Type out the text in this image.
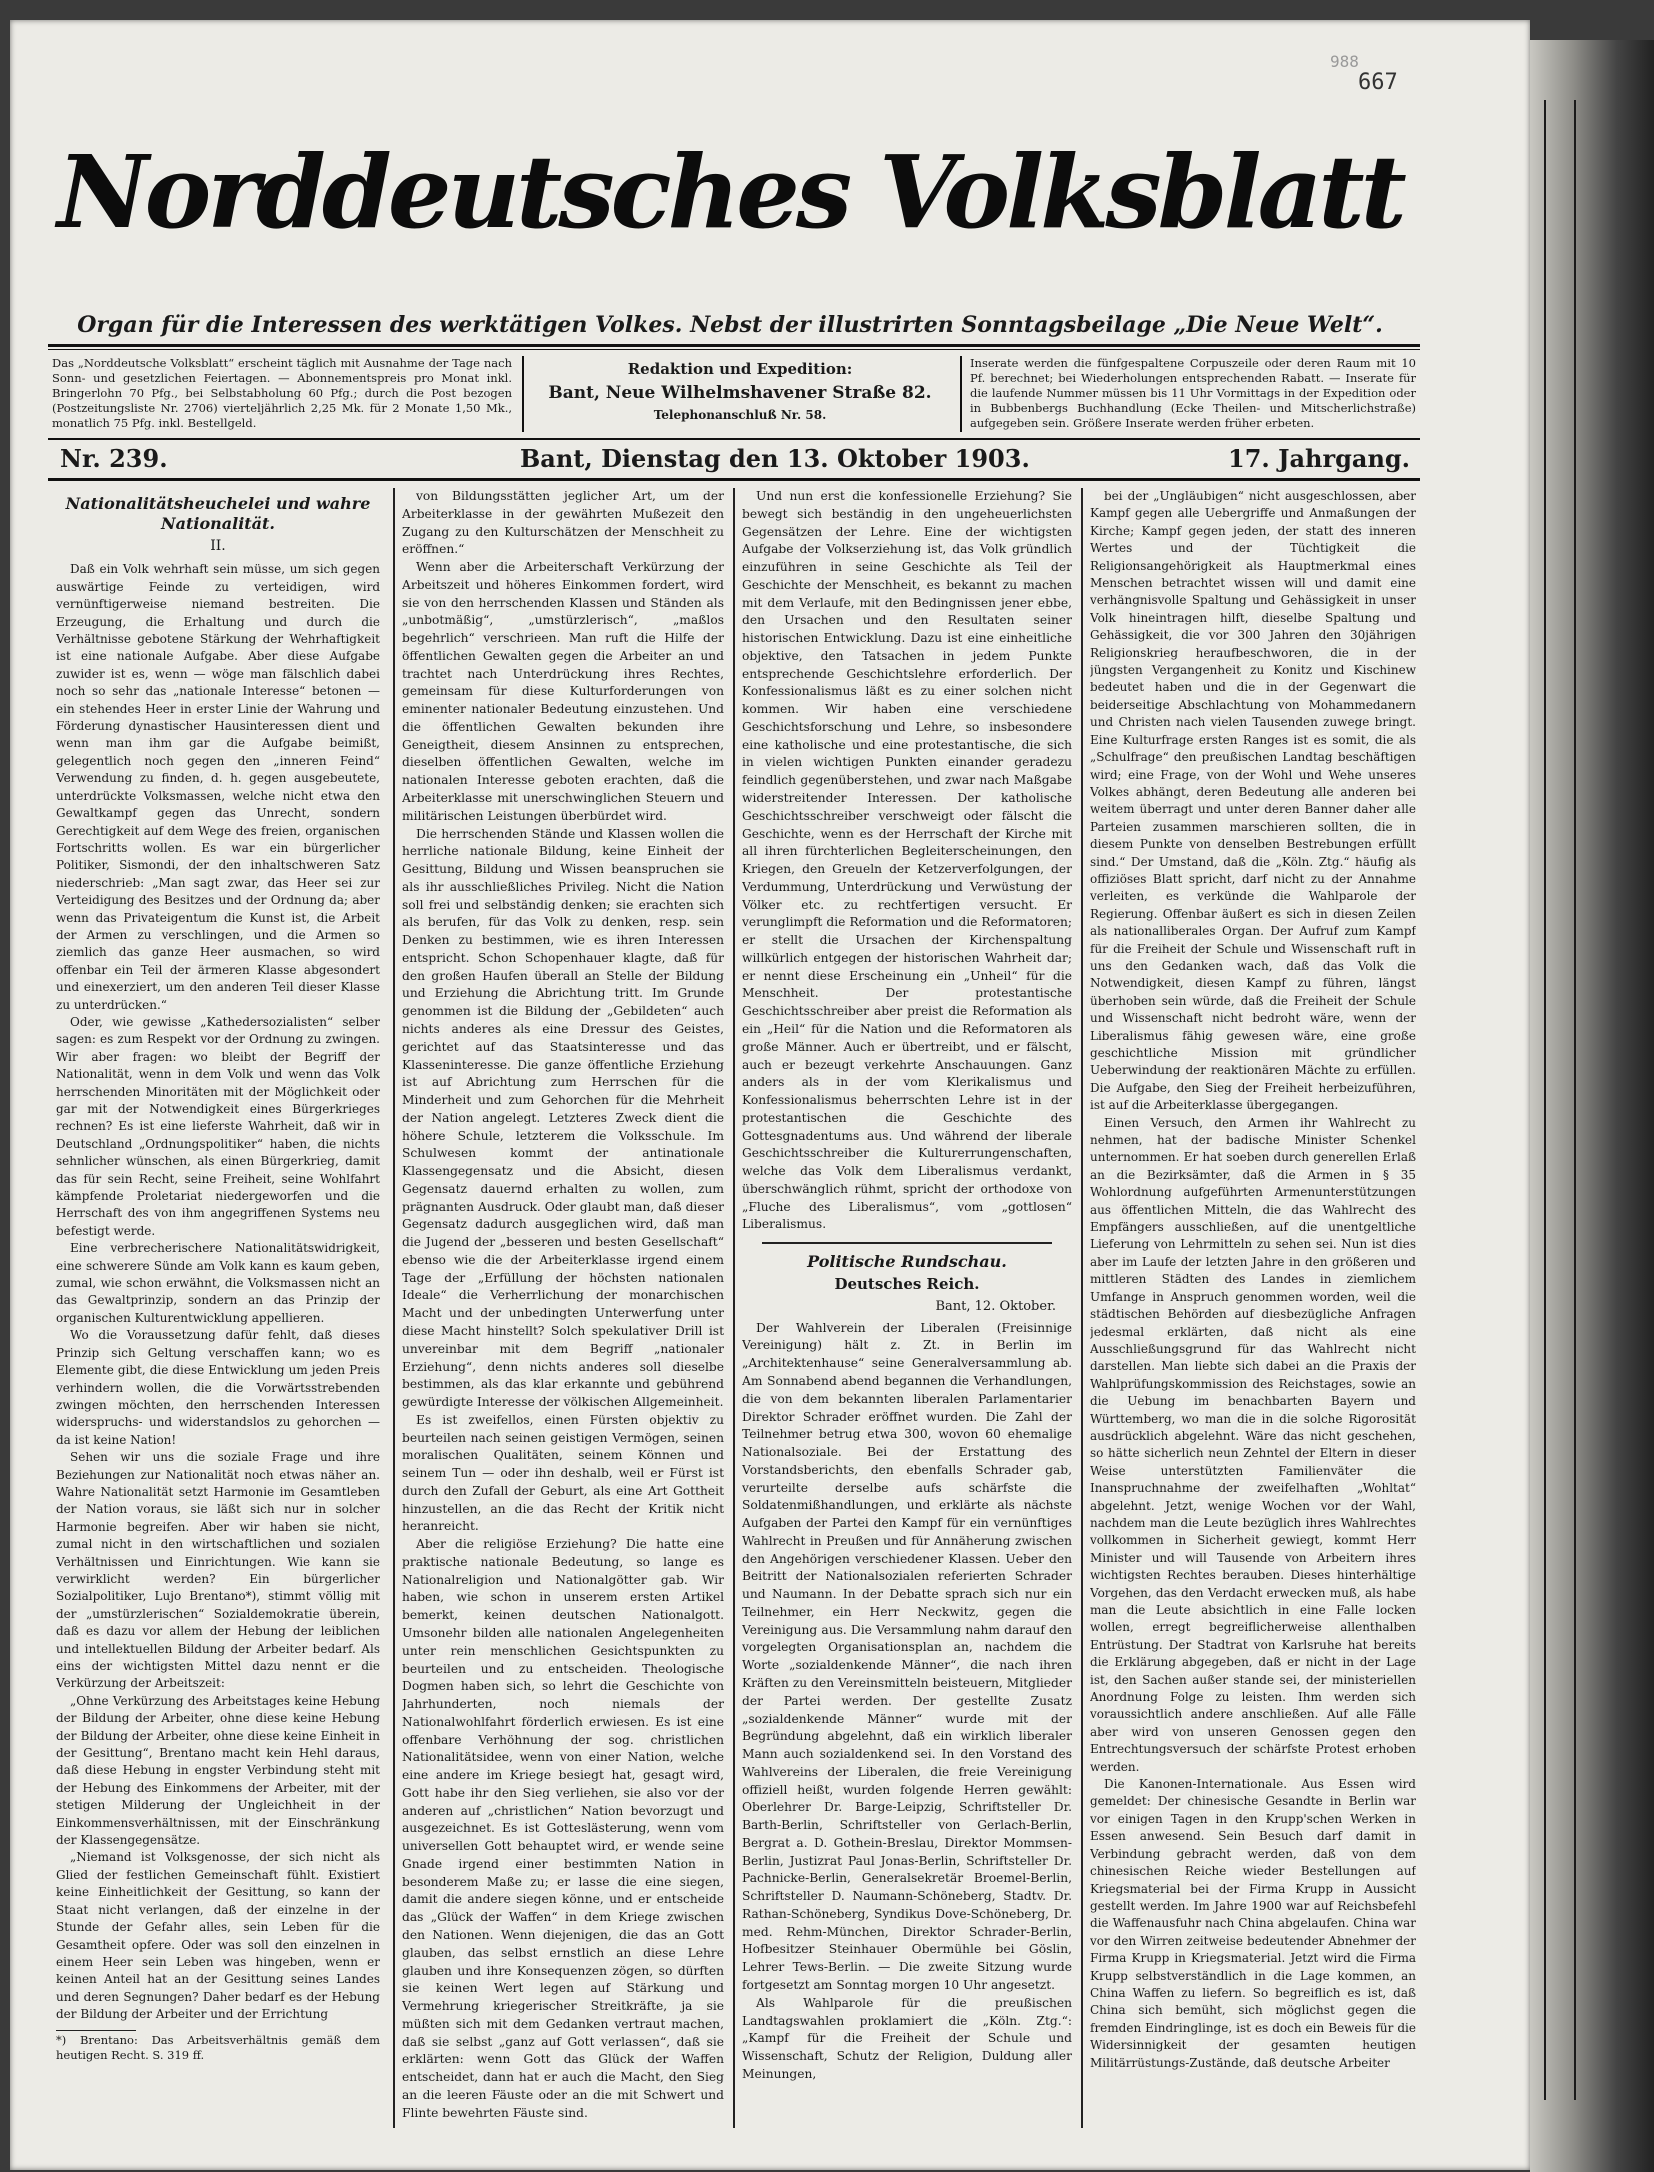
988
667
Norddeutsches Volksblatt
Organ für die Interessen des werktätigen Volkes. Nebst der illustrirten Sonntagsbeilage „Die Neue Welt“.
Das „Norddeutsche Volksblatt“ erscheint täglich mit Ausnahme der Tage nach Sonn- und gesetzlichen Feiertagen. — Abonnementspreis pro Monat inkl. Bringerlohn 70 Pfg., bei Selbstabholung 60 Pfg.; durch die Post bezogen (Postzeitungsliste Nr. 2706) vierteljährlich 2,25 Mk. für 2 Monate 1,50 Mk., monatlich 75 Pfg. inkl. Bestellgeld.
Redaktion und Expedition:
Bant, Neue Wilhelmshavener Straße 82.
Telephonanschluß Nr. 58.
Inserate werden die fünfgespaltene Corpuszeile oder deren Raum mit 10 Pf. berechnet; bei Wiederholungen entsprechenden Rabatt. — Inserate für die laufende Nummer müssen bis 11 Uhr Vormittags in der Expedition oder in Bubbenbergs Buchhandlung (Ecke Theilen- und Mitscherlichstraße) aufgegeben sein. Größere Inserate werden früher erbeten.
Nr. 239.	Bant, Dienstag den 13. Oktober 1903.	17. Jahrgang.
Nationalitätsheuchelei und wahre Nationalität.
II.

Daß ein Volk wehrhaft sein müsse, um sich gegen auswärtige Feinde zu verteidigen, wird vernünftigerweise niemand bestreiten. Die Erzeugung, die Erhaltung und durch die Verhältnisse gebotene Stärkung der Wehrhaftigkeit ist eine nationale Aufgabe. Aber diese Aufgabe zuwider ist es, wenn — wöge man fälschlich dabei noch so sehr das „nationale Interesse“ betonen — ein stehendes Heer in erster Linie der Wahrung und Förderung dynastischer Hausinteressen dient und wenn man ihm gar die Aufgabe beimißt, gelegentlich noch gegen den „inneren Feind“ Verwendung zu finden, d. h. gegen ausgebeutete, unterdrückte Volksmassen, welche nicht etwa den Gewaltkampf gegen das Unrecht, sondern Gerechtigkeit auf dem Wege des freien, organischen Fortschritts wollen. Es war ein bürgerlicher Politiker, Sismondi, der den inhaltschweren Satz niederschrieb: „Man sagt zwar, das Heer sei zur Verteidigung des Besitzes und der Ordnung da; aber wenn das Privateigentum die Kunst ist, die Arbeit der Armen zu verschlingen, und die Armen so ziemlich das ganze Heer ausmachen, so wird offenbar ein Teil der ärmeren Klasse abgesondert und einexerziert, um den anderen Teil dieser Klasse zu unterdrücken.“

Oder, wie gewisse „Kathedersozialisten“ selber sagen: es zum Respekt vor der Ordnung zu zwingen. Wir aber fragen: wo bleibt der Begriff der Nationalität, wenn in dem Volk und wenn das Volk herrschenden Minoritäten mit der Möglichkeit oder gar mit der Notwendigkeit eines Bürgerkrieges rechnen? Es ist eine lieferste Wahrheit, daß wir in Deutschland „Ordnungspolitiker“ haben, die nichts sehnlicher wünschen, als einen Bürgerkrieg, damit das für sein Recht, seine Freiheit, seine Wohlfahrt kämpfende Proletariat niedergeworfen und die Herrschaft des von ihm angegriffenen Systems neu befestigt werde.

Eine verbrecherischere Nationalitätswidrigkeit, eine schwerere Sünde am Volk kann es kaum geben, zumal, wie schon erwähnt, die Volksmassen nicht an das Gewaltprinzip, sondern an das Prinzip der organischen Kulturentwicklung appellieren.

Wo die Voraussetzung dafür fehlt, daß dieses Prinzip sich Geltung verschaffen kann; wo es Elemente gibt, die diese Entwicklung um jeden Preis verhindern wollen, die die Vorwärtsstrebenden zwingen möchten, den herrschenden Interessen widerspruchs- und widerstandslos zu gehorchen — da ist keine Nation!

Sehen wir uns die soziale Frage und ihre Beziehungen zur Nationalität noch etwas näher an. Wahre Nationalität setzt Harmonie im Gesamtleben der Nation voraus, sie läßt sich nur in solcher Harmonie begreifen. Aber wir haben sie nicht, zumal nicht in den wirtschaftlichen und sozialen Verhältnissen und Einrichtungen. Wie kann sie verwirklicht werden? Ein bürgerlicher Sozialpolitiker, Lujo Brentano*), stimmt völlig mit der „umstürzlerischen“ Sozialdemokratie überein, daß es dazu vor allem der Hebung der leiblichen und intellektuellen Bildung der Arbeiter bedarf. Als eins der wichtigsten Mittel dazu nennt er die Verkürzung der Arbeitszeit:

„Ohne Verkürzung des Arbeitstages keine Hebung der Bildung der Arbeiter, ohne diese keine Hebung der Bildung der Arbeiter, ohne diese keine Einheit in der Gesittung“, Brentano macht kein Hehl daraus, daß diese Hebung in engster Verbindung steht mit der Hebung des Einkommens der Arbeiter, mit der stetigen Milderung der Ungleichheit in der Einkommensverhältnissen, mit der Einschränkung der Klassengegensätze.

„Niemand ist Volksgenosse, der sich nicht als Glied der festlichen Gemeinschaft fühlt. Existiert keine Einheitlichkeit der Gesittung, so kann der Staat nicht verlangen, daß der einzelne in der Stunde der Gefahr alles, sein Leben für die Gesamtheit opfere. Oder was soll den einzelnen in einem Heer sein Leben was hingeben, wenn er keinen Anteil hat an der Gesittung seines Landes und deren Segnungen? Daher bedarf es der Hebung der Bildung der Arbeiter und der Errichtung

*) Brentano: Das Arbeitsverhältnis gemäß dem heutigen Recht. S. 319 ff.

von Bildungsstätten jeglicher Art, um der Arbeiterklasse in der gewährten Mußezeit den Zugang zu den Kulturschätzen der Menschheit zu eröffnen.“

Wenn aber die Arbeiterschaft Verkürzung der Arbeitszeit und höheres Einkommen fordert, wird sie von den herrschenden Klassen und Ständen als „unbotmäßig“, „umstürzlerisch“, „maßlos begehrlich“ verschrieen. Man ruft die Hilfe der öffentlichen Gewalten gegen die Arbeiter an und trachtet nach Unterdrückung ihres Rechtes, gemeinsam für diese Kulturforderungen von eminenter nationaler Bedeutung einzustehen. Und die öffentlichen Gewalten bekunden ihre Geneigtheit, diesem Ansinnen zu entsprechen, dieselben öffentlichen Gewalten, welche im nationalen Interesse geboten erachten, daß die Arbeiterklasse mit unerschwinglichen Steuern und militärischen Leistungen überbürdet wird.

Die herrschenden Stände und Klassen wollen die herrliche nationale Bildung, keine Einheit der Gesittung, Bildung und Wissen beanspruchen sie als ihr ausschließliches Privileg. Nicht die Nation soll frei und selbständig denken; sie erachten sich als berufen, für das Volk zu denken, resp. sein Denken zu bestimmen, wie es ihren Interessen entspricht. Schon Schopenhauer klagte, daß für den großen Haufen überall an Stelle der Bildung und Erziehung die Abrichtung tritt. Im Grunde genommen ist die Bildung der „Gebildeten“ auch nichts anderes als eine Dressur des Geistes, gerichtet auf das Staatsinteresse und das Klasseninteresse. Die ganze öffentliche Erziehung ist auf Abrichtung zum Herrschen für die Minderheit und zum Gehorchen für die Mehrheit der Nation angelegt. Letzteres Zweck dient die höhere Schule, letzterem die Volksschule. Im Schulwesen kommt der antinationale Klassengegensatz und die Absicht, diesen Gegensatz dauernd erhalten zu wollen, zum prägnanten Ausdruck. Oder glaubt man, daß dieser Gegensatz dadurch ausgeglichen wird, daß man die Jugend der „besseren und besten Gesellschaft“ ebenso wie die der Arbeiterklasse irgend einem Tage der „Erfüllung der höchsten nationalen Ideale“ die Verherrlichung der monarchischen Macht und der unbedingten Unterwerfung unter diese Macht hinstellt? Solch spekulativer Drill ist unvereinbar mit dem Begriff „nationaler Erziehung“, denn nichts anderes soll dieselbe bestimmen, als das klar erkannte und gebührend gewürdigte Interesse der völkischen Allgemeinheit.

Es ist zweifellos, einen Fürsten objektiv zu beurteilen nach seinen geistigen Vermögen, seinen moralischen Qualitäten, seinem Können und seinem Tun — oder ihn deshalb, weil er Fürst ist durch den Zufall der Geburt, als eine Art Gottheit hinzustellen, an die das Recht der Kritik nicht heranreicht.

Aber die religiöse Erziehung? Die hatte eine praktische nationale Bedeutung, so lange es Nationalreligion und Nationalgötter gab. Wir haben, wie schon in unserem ersten Artikel bemerkt, keinen deutschen Nationalgott. Umsonehr bilden alle nationalen Angelegenheiten unter rein menschlichen Gesichtspunkten zu beurteilen und zu entscheiden. Theologische Dogmen haben sich, so lehrt die Geschichte von Jahrhunderten, noch niemals der Nationalwohlfahrt förderlich erwiesen. Es ist eine offenbare Verhöhnung der sog. christlichen Nationalitätsidee, wenn von einer Nation, welche eine andere im Kriege besiegt hat, gesagt wird, Gott habe ihr den Sieg verliehen, sie also vor der anderen auf „christlichen“ Nation bevorzugt und ausgezeichnet. Es ist Gotteslästerung, wenn vom universellen Gott behauptet wird, er wende seine Gnade irgend einer bestimmten Nation in besonderem Maße zu; er lasse die eine siegen, damit die andere siegen könne, und er entscheide das „Glück der Waffen“ in dem Kriege zwischen den Nationen. Wenn diejenigen, die das an Gott glauben, das selbst ernstlich an diese Lehre glauben und ihre Konsequenzen zögen, so dürften sie keinen Wert legen auf Stärkung und Vermehrung kriegerischer Streitkräfte, ja sie müßten sich mit dem Gedanken vertraut machen, daß sie selbst „ganz auf Gott verlassen“, daß sie erklärten: wenn Gott das Glück der Waffen entscheidet, dann hat er auch die Macht, den Sieg an die leeren Fäuste oder an die mit Schwert und Flinte bewehrten Fäuste sind.

Und nun erst die konfessionelle Erziehung? Sie bewegt sich beständig in den ungeheuerlichsten Gegensätzen der Lehre. Eine der wichtigsten Aufgabe der Volkserziehung ist, das Volk gründlich einzuführen in seine Geschichte als Teil der Geschichte der Menschheit, es bekannt zu machen mit dem Verlaufe, mit den Bedingnissen jener ebbe, den Ursachen und den Resultaten seiner historischen Entwicklung. Dazu ist eine einheitliche objektive, den Tatsachen in jedem Punkte entsprechende Geschichtslehre erforderlich. Der Konfessionalismus läßt es zu einer solchen nicht kommen. Wir haben eine verschiedene Geschichtsforschung und Lehre, so insbesondere eine katholische und eine protestantische, die sich in vielen wichtigen Punkten einander geradezu feindlich gegenüberstehen, und zwar nach Maßgabe widerstreitender Interessen. Der katholische Geschichtsschreiber verschweigt oder fälscht die Geschichte, wenn es der Herrschaft der Kirche mit all ihren fürchterlichen Begleiterscheinungen, den Kriegen, den Greueln der Ketzerverfolgungen, der Verdummung, Unterdrückung und Verwüstung der Völker etc. zu rechtfertigen versucht. Er verunglimpft die Reformation und die Reformatoren; er stellt die Ursachen der Kirchenspaltung willkürlich entgegen der historischen Wahrheit dar; er nennt diese Erscheinung ein „Unheil“ für die Menschheit. Der protestantische Geschichtsschreiber aber preist die Reformation als ein „Heil“ für die Nation und die Reformatoren als große Männer. Auch er übertreibt, und er fälscht, auch er bezeugt verkehrte Anschauungen. Ganz anders als in der vom Klerikalismus und Konfessionalismus beherrschten Lehre ist in der protestantischen die Geschichte des Gottesgnadentums aus. Und während der liberale Geschichtsschreiber die Kulturerrungenschaften, welche das Volk dem Liberalismus verdankt, überschwänglich rühmt, spricht der orthodoxe von „Fluche des Liberalismus“, vom „gottlosen“ Liberalismus.

Politische Rundschau.
Deutsches Reich.
Bant, 12. Oktober.

Der Wahlverein der Liberalen (Freisinnige Vereinigung) hält z. Zt. in Berlin im „Architektenhause“ seine Generalversammlung ab. Am Sonnabend abend begannen die Verhandlungen, die von dem bekannten liberalen Parlamentarier Direktor Schrader eröffnet wurden. Die Zahl der Teilnehmer betrug etwa 300, wovon 60 ehemalige Nationalsoziale. Bei der Erstattung des Vorstandsberichts, den ebenfalls Schrader gab, verurteilte derselbe aufs schärfste die Soldatenmißhandlungen, und erklärte als nächste Aufgaben der Partei den Kampf für ein vernünftiges Wahlrecht in Preußen und für Annäherung zwischen den Angehörigen verschiedener Klassen. Ueber den Beitritt der Nationalsozialen referierten Schrader und Naumann. In der Debatte sprach sich nur ein Teilnehmer, ein Herr Neckwitz, gegen die Vereinigung aus. Die Versammlung nahm darauf den vorgelegten Organisationsplan an, nachdem die Worte „sozialdenkende Männer“, die nach ihren Kräften zu den Vereinsmitteln beisteuern, Mitglieder der Partei werden. Der gestellte Zusatz „sozialdenkende Männer“ wurde mit der Begründung abgelehnt, daß ein wirklich liberaler Mann auch sozialdenkend sei. In den Vorstand des Wahlvereins der Liberalen, die freie Vereinigung offiziell heißt, wurden folgende Herren gewählt: Oberlehrer Dr. Barge-Leipzig, Schriftsteller Dr. Barth-Berlin, Schriftsteller von Gerlach-Berlin, Bergrat a. D. Gothein-Breslau, Direktor Mommsen-Berlin, Justizrat Paul Jonas-Berlin, Schriftsteller Dr. Pachnicke-Berlin, Generalsekretär Broemel-Berlin, Schriftsteller D. Naumann-Schöneberg, Stadtv. Dr. Rathan-Schöneberg, Syndikus Dove-Schöneberg, Dr. med. Rehm-München, Direktor Schrader-Berlin, Hofbesitzer Steinhauer Obermühle bei Göslin, Lehrer Tews-Berlin. — Die zweite Sitzung wurde fortgesetzt am Sonntag morgen 10 Uhr angesetzt.

Als Wahlparole für die preußischen Landtagswahlen proklamiert die „Köln. Ztg.“: „Kampf für die Freiheit der Schule und Wissenschaft, Schutz der Religion, Duldung aller Meinungen,

bei der „Ungläubigen“ nicht ausgeschlossen, aber Kampf gegen alle Uebergriffe und Anmaßungen der Kirche; Kampf gegen jeden, der statt des inneren Wertes und der Tüchtigkeit die Religionsangehörigkeit als Hauptmerkmal eines Menschen betrachtet wissen will und damit eine verhängnisvolle Spaltung und Gehässigkeit in unser Volk hineintragen hilft, dieselbe Spaltung und Gehässigkeit, die vor 300 Jahren den 30jährigen Religionskrieg heraufbeschworen, die in der jüngsten Vergangenheit zu Konitz und Kischinew bedeutet haben und die in der Gegenwart die beiderseitige Abschlachtung von Mohammedanern und Christen nach vielen Tausenden zuwege bringt. Eine Kulturfrage ersten Ranges ist es somit, die als „Schulfrage“ den preußischen Landtag beschäftigen wird; eine Frage, von der Wohl und Wehe unseres Volkes abhängt, deren Bedeutung alle anderen bei weitem überragt und unter deren Banner daher alle Parteien zusammen marschieren sollten, die in diesem Punkte von denselben Bestrebungen erfüllt sind.“ Der Umstand, daß die „Köln. Ztg.“ häufig als offiziöses Blatt spricht, darf nicht zu der Annahme verleiten, es verkünde die Wahlparole der Regierung. Offenbar äußert es sich in diesen Zeilen als nationalliberales Organ. Der Aufruf zum Kampf für die Freiheit der Schule und Wissenschaft ruft in uns den Gedanken wach, daß das Volk die Notwendigkeit, diesen Kampf zu führen, längst überhoben sein würde, daß die Freiheit der Schule und Wissenschaft nicht bedroht wäre, wenn der Liberalismus fähig gewesen wäre, eine große geschichtliche Mission mit gründlicher Ueberwindung der reaktionären Mächte zu erfüllen. Die Aufgabe, den Sieg der Freiheit herbeizuführen, ist auf die Arbeiterklasse übergegangen.

Einen Versuch, den Armen ihr Wahlrecht zu nehmen, hat der badische Minister Schenkel unternommen. Er hat soeben durch generellen Erlaß an die Bezirksämter, daß die Armen in § 35 Wohlordnung aufgeführten Armenunterstützungen aus öffentlichen Mitteln, die das Wahlrecht des Empfängers ausschließen, auf die unentgeltliche Lieferung von Lehrmitteln zu sehen sei. Nun ist dies aber im Laufe der letzten Jahre in den größeren und mittleren Städten des Landes in ziemlichem Umfange in Anspruch genommen worden, weil die städtischen Behörden auf diesbezügliche Anfragen jedesmal erklärten, daß nicht als eine Ausschließungsgrund für das Wahlrecht nicht darstellen. Man liebte sich dabei an die Praxis der Wahlprüfungskommission des Reichstages, sowie an die Uebung im benachbarten Bayern und Württemberg, wo man die in die solche Rigorosität ausdrücklich abgelehnt. Wäre das nicht geschehen, so hätte sicherlich neun Zehntel der Eltern in dieser Weise unterstützten Familienväter die Inanspruchnahme der zweifelhaften „Wohltat“ abgelehnt. Jetzt, wenige Wochen vor der Wahl, nachdem man die Leute bezüglich ihres Wahlrechtes vollkommen in Sicherheit gewiegt, kommt Herr Minister und will Tausende von Arbeitern ihres wichtigsten Rechtes berauben. Dieses hinterhältige Vorgehen, das den Verdacht erwecken muß, als habe man die Leute absichtlich in eine Falle locken wollen, erregt begreiflicherweise allenthalben Entrüstung. Der Stadtrat von Karlsruhe hat bereits die Erklärung abgegeben, daß er nicht in der Lage ist, den Sachen außer stande sei, der ministeriellen Anordnung Folge zu leisten. Ihm werden sich voraussichtlich andere anschließen. Auf alle Fälle aber wird von unseren Genossen gegen den Entrechtungsversuch der schärfste Protest erhoben werden.

Die Kanonen-Internationale. Aus Essen wird gemeldet: Der chinesische Gesandte in Berlin war vor einigen Tagen in den Krupp'schen Werken in Essen anwesend. Sein Besuch darf damit in Verbindung gebracht werden, daß von dem chinesischen Reiche wieder Bestellungen auf Kriegsmaterial bei der Firma Krupp in Aussicht gestellt werden. Im Jahre 1900 war auf Reichsbefehl die Waffenausfuhr nach China abgelaufen. China war vor den Wirren zeitweise bedeutender Abnehmer der Firma Krupp in Kriegsmaterial. Jetzt wird die Firma Krupp selbstverständlich in die Lage kommen, an China Waffen zu liefern. So begreiflich es ist, daß China sich bemüht, sich möglichst gegen die fremden Eindringlinge, ist es doch ein Beweis für die Widersinnigkeit der gesamten heutigen Militärrüstungs-Zustände, daß deutsche Arbeiter
